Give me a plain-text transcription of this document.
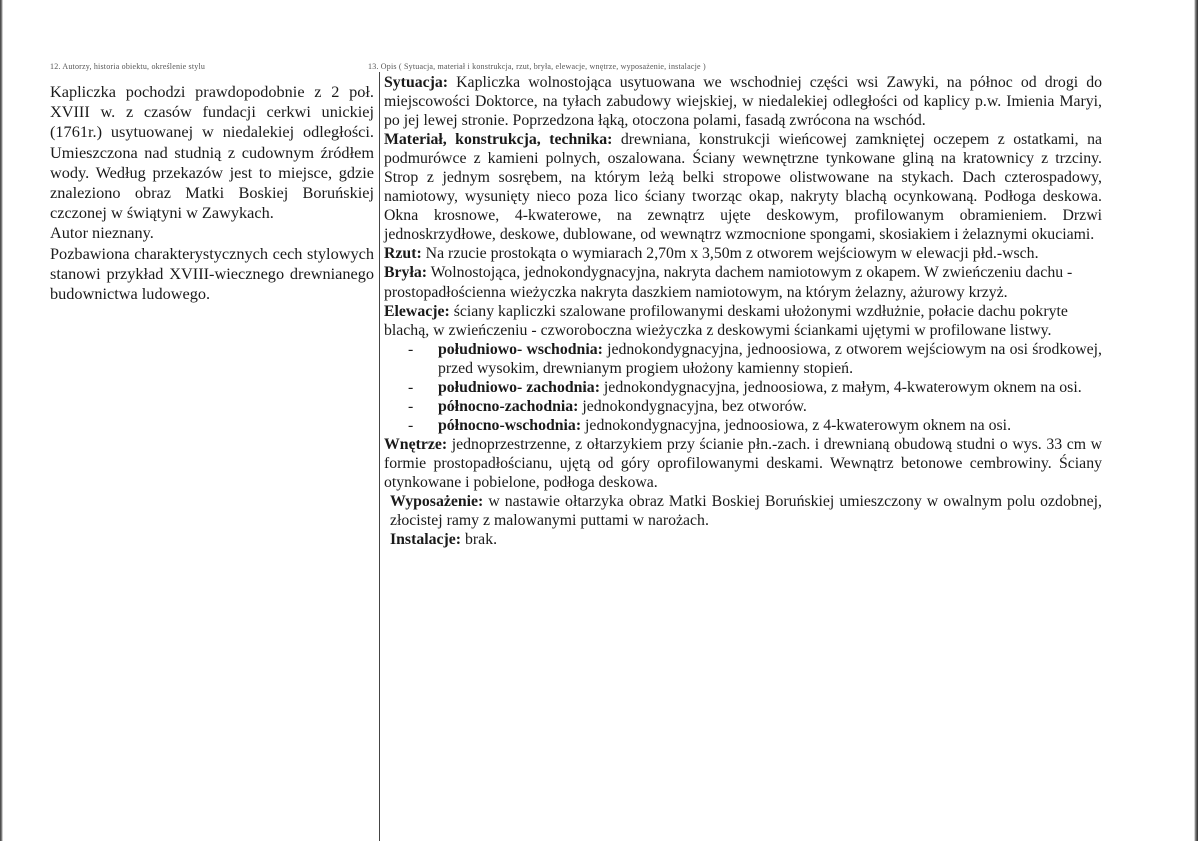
12. Autorzy, historia obiektu, określenie stylu	13. Opis ( Sytuacja, materiał i konstrukcja, rzut, bryła, elewacje, wnętrze, wyposażenie, instalacje )

Kapliczka pochodzi prawdopodobnie z 2 poł. XVIII w. z czasów fundacji cerkwi unickiej (1761r.) usytuowanej w niedalekiej odległości. Umieszczona nad studnią z cudownym źródłem wody. Według przekazów jest to miejsce, gdzie znaleziono obraz Matki Boskiej Boruńskiej czczonej w świątyni w Zawykach.

Autor nieznany.

Pozbawiona charakterystycznych cech stylowych stanowi przykład XVIII-wiecznego drewnianego budownictwa ludowego.

Sytuacja: Kapliczka wolnostojąca usytuowana we wschodniej części wsi Zawyki, na północ od drogi do miejscowości Doktorce, na tyłach zabudowy wiejskiej, w niedalekiej odległości od kaplicy p.w. Imienia Maryi, po jej lewej stronie. Poprzedzona łąką, otoczona polami, fasadą zwrócona na wschód.

Materiał, konstrukcja, technika: drewniana, konstrukcji wieńcowej zamkniętej oczepem z ostatkami, na podmurówce z kamieni polnych, oszalowana. Ściany wewnętrzne tynkowane gliną na kratownicy z trzciny. Strop z jednym sosrębem, na którym leżą belki stropowe olistwowane na stykach. Dach czterospadowy, namiotowy, wysunięty nieco poza lico ściany tworząc okap, nakryty blachą ocynkowaną. Podłoga deskowa. Okna krosnowe, 4-kwaterowe, na zewnątrz ujęte deskowym, profilowanym obramieniem. Drzwi jednoskrzydłowe, deskowe, dublowane, od wewnątrz wzmocnione spongami, skosiakiem i żelaznymi okuciami.

Rzut: Na rzucie prostokąta o wymiarach 2,70m x 3,50m z otworem wejściowym w elewacji płd.-wsch.

Bryła: Wolnostojąca, jednokondygnacyjna, nakryta dachem namiotowym z okapem. W zwieńczeniu dachu - prostopadłościenna wieżyczka nakryta daszkiem namiotowym, na którym żelazny, ażurowy krzyż.

Elewacje: ściany kapliczki szalowane profilowanymi deskami ułożonymi wzdłużnie, połacie dachu pokryte blachą, w zwieńczeniu - czworoboczna wieżyczka z deskowymi ściankami ujętymi w profilowane listwy.

- południowo- wschodnia: jednokondygnacyjna, jednoosiowa, z otworem wejściowym na osi środkowej, przed wysokim, drewnianym progiem ułożony kamienny stopień.
- południowo- zachodnia: jednokondygnacyjna, jednoosiowa, z małym, 4-kwaterowym oknem na osi.
- północno-zachodnia: jednokondygnacyjna, bez otworów.
- północno-wschodnia: jednokondygnacyjna, jednoosiowa, z 4-kwaterowym oknem na osi.

Wnętrze: jednoprzestrzenne, z ołtarzykiem przy ścianie płn.-zach. i drewnianą obudową studni o wys. 33 cm w formie prostopadłościanu, ujętą od góry oprofilowanymi deskami. Wewnątrz betonowe cembrowiny. Ściany otynkowane i pobielone, podłoga deskowa.

Wyposażenie: w nastawie ołtarzyka obraz Matki Boskiej Boruńskiej umieszczony w owalnym polu ozdobnej, złocistej ramy z malowanymi puttami w narożach.

Instalacje: brak.
